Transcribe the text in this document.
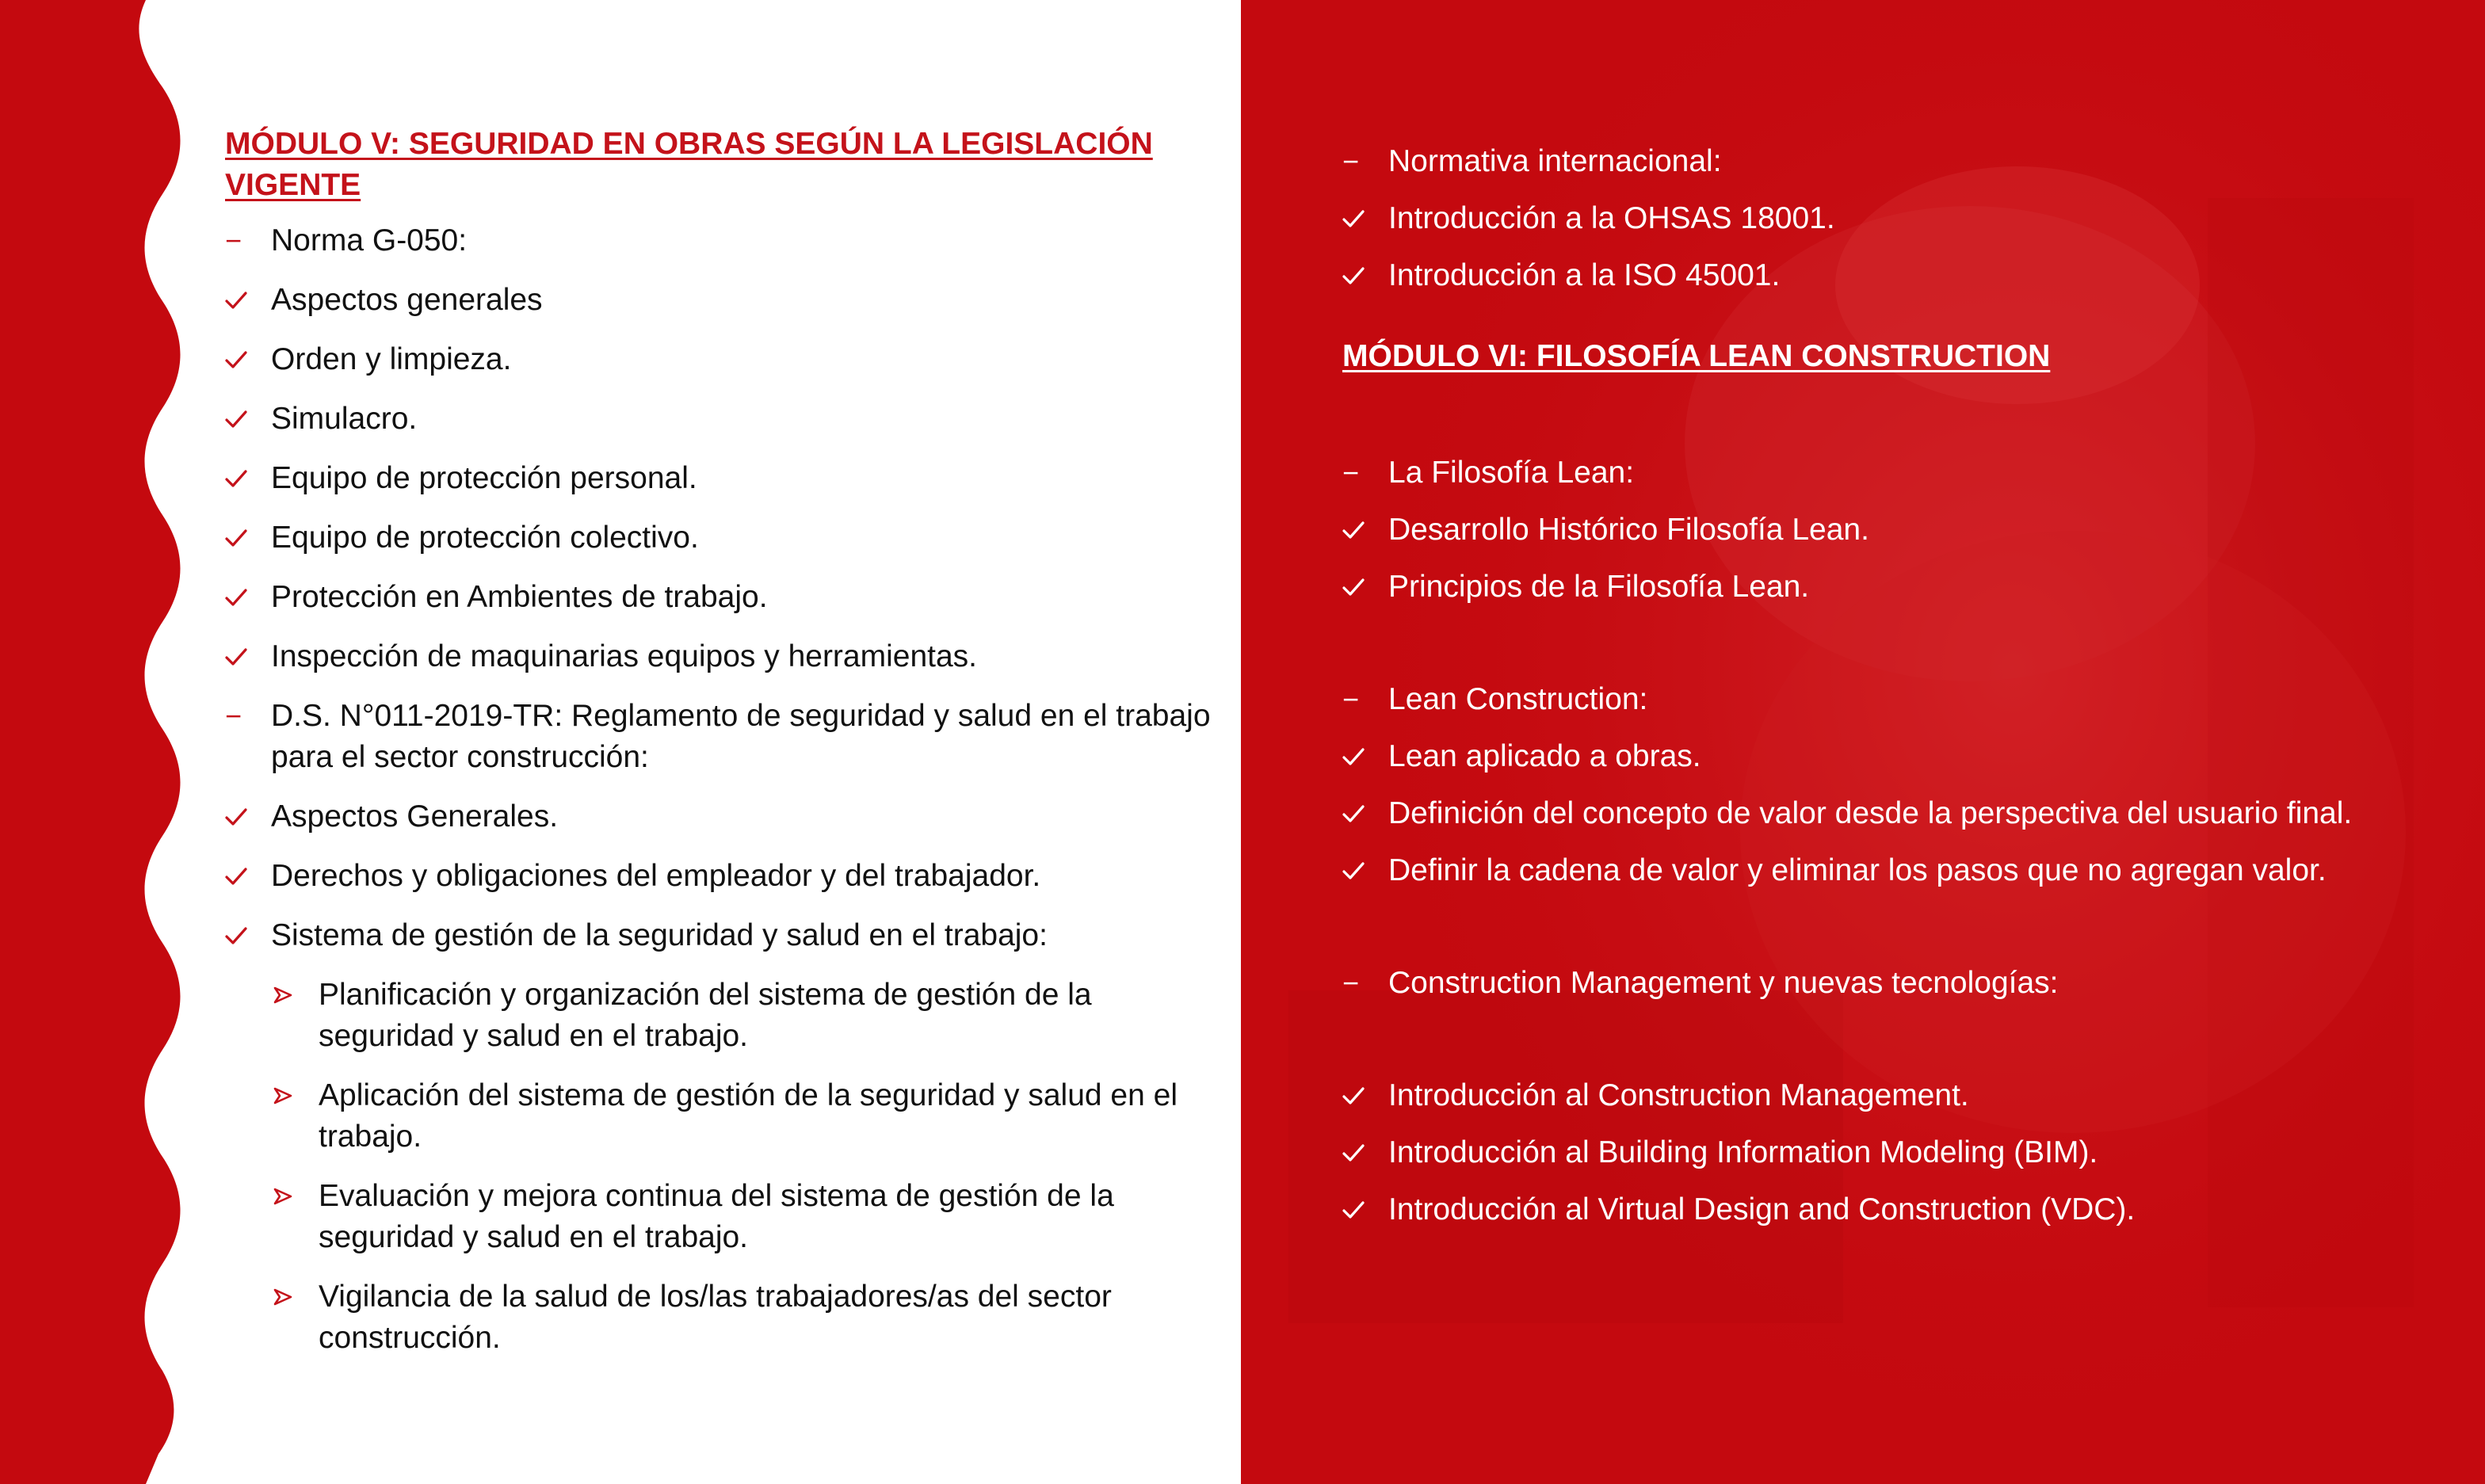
MÓDULO V: SEGURIDAD EN OBRAS SEGÚN LA LEGISLACIÓN VIGENTE
− Norma G-050:
Aspectos generales
Orden y limpieza.
Simulacro.
Equipo de protección personal.
Equipo de protección colectivo.
Protección en Ambientes de trabajo.
Inspección de maquinarias equipos y herramientas.
− D.S. N°011-2019-TR: Reglamento de seguridad y salud en el trabajo para el sector construcción:
Aspectos Generales.
Derechos y obligaciones del empleador y del trabajador.
Sistema de gestión de la seguridad y salud en el trabajo:
Planificación y organización del sistema de gestión de la seguridad y salud en el trabajo.
Aplicación del sistema de gestión de la seguridad y salud en el trabajo.
Evaluación y mejora continua del sistema de gestión de la seguridad y salud en el trabajo.
Vigilancia de la salud de los/las trabajadores/as del sector construcción.
− Normativa internacional:
Introducción a la OHSAS 18001.
Introducción a la ISO 45001.
MÓDULO VI: FILOSOFÍA LEAN CONSTRUCTION
− La Filosofía Lean:
Desarrollo Histórico Filosofía Lean.
Principios de la Filosofía Lean.
− Lean Construction:
Lean aplicado a obras.
Definición del concepto de valor desde la perspectiva del usuario final.
Definir la cadena de valor y eliminar los pasos que no agregan valor.
− Construction Management y nuevas tecnologías:
Introducción al Construction Management.
Introducción al Building Information Modeling (BIM).
Introducción al Virtual Design and Construction (VDC).
